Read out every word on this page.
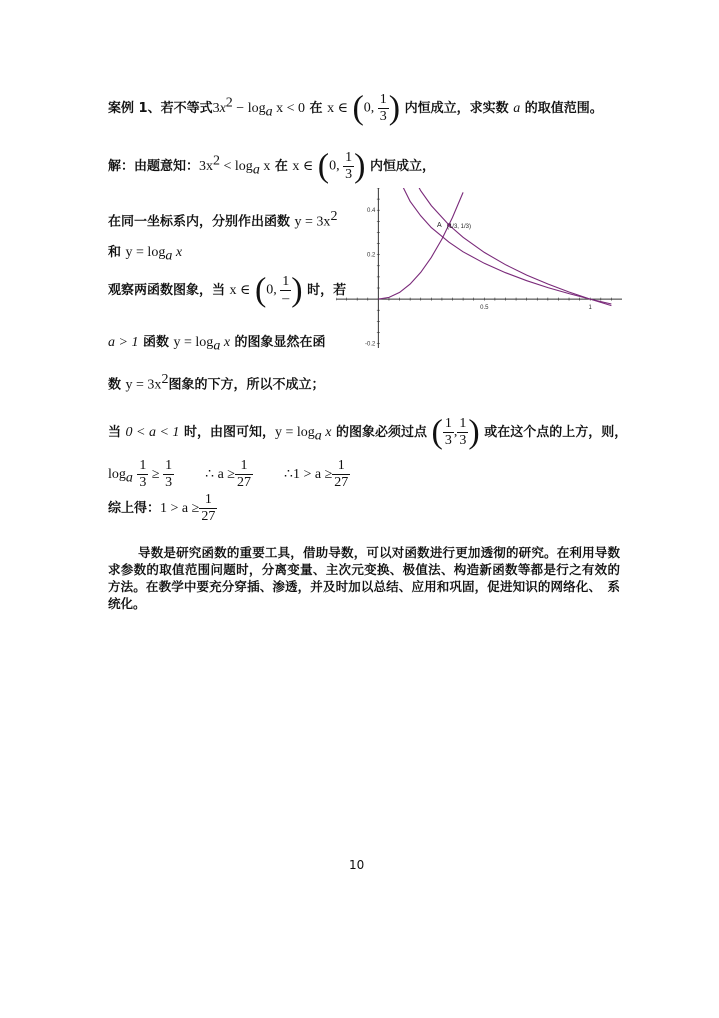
案例 1、若不等式$3x^2 - \log_a x < 0$ 在 x ∈ (0, $\frac{1}{3}$ ) 内恒成立，求实数 a 的取值范围。
解：由题意知：$3x^2 < \log_a x$ 在 x ∈ (0, $\frac{1}{3}$ ) 内恒成立，
在同一坐标系内，分别作出函数 $y = 3x^2$
和 $y = \log_a x$
观察两函数图象，当 x ∈ (0, $\frac{1}{-}$ ) 时，若
a > 1 函数 $y = \log_a x$ 的图象显然在函
数 $y = 3x^2$图象的下方，所以不成立；
当 0 < a < 1 时，由图可知，$y = \log_a x$ 的图象必须过点 ( $\frac{1}{3}$ , $\frac{1}{3}$ ) 或在这个点的上方，则，
$\log_a \frac{1}{3} \ge \frac{1}{3}$ ∴ $a \ge \frac{1}{27}$ ∴1 > $a \ge \frac{1}{27}$
综上得：$1 > a \ge \frac{1}{27}$
导数是研究函数的重要工具，借助导数，可以对函数进行更加透彻的研究。在利用导数求参数的取值范围问题时，分离变量、主次元变换、极值法、构造新函数等都是行之有效的方法。在教学中要充分穿插、渗透，并及时加以总结、应用和巩固，促进知识的网络化、　系统化。
10
0.5	1
0.4
0.2
-0.2
A (1/3, 1/3)
